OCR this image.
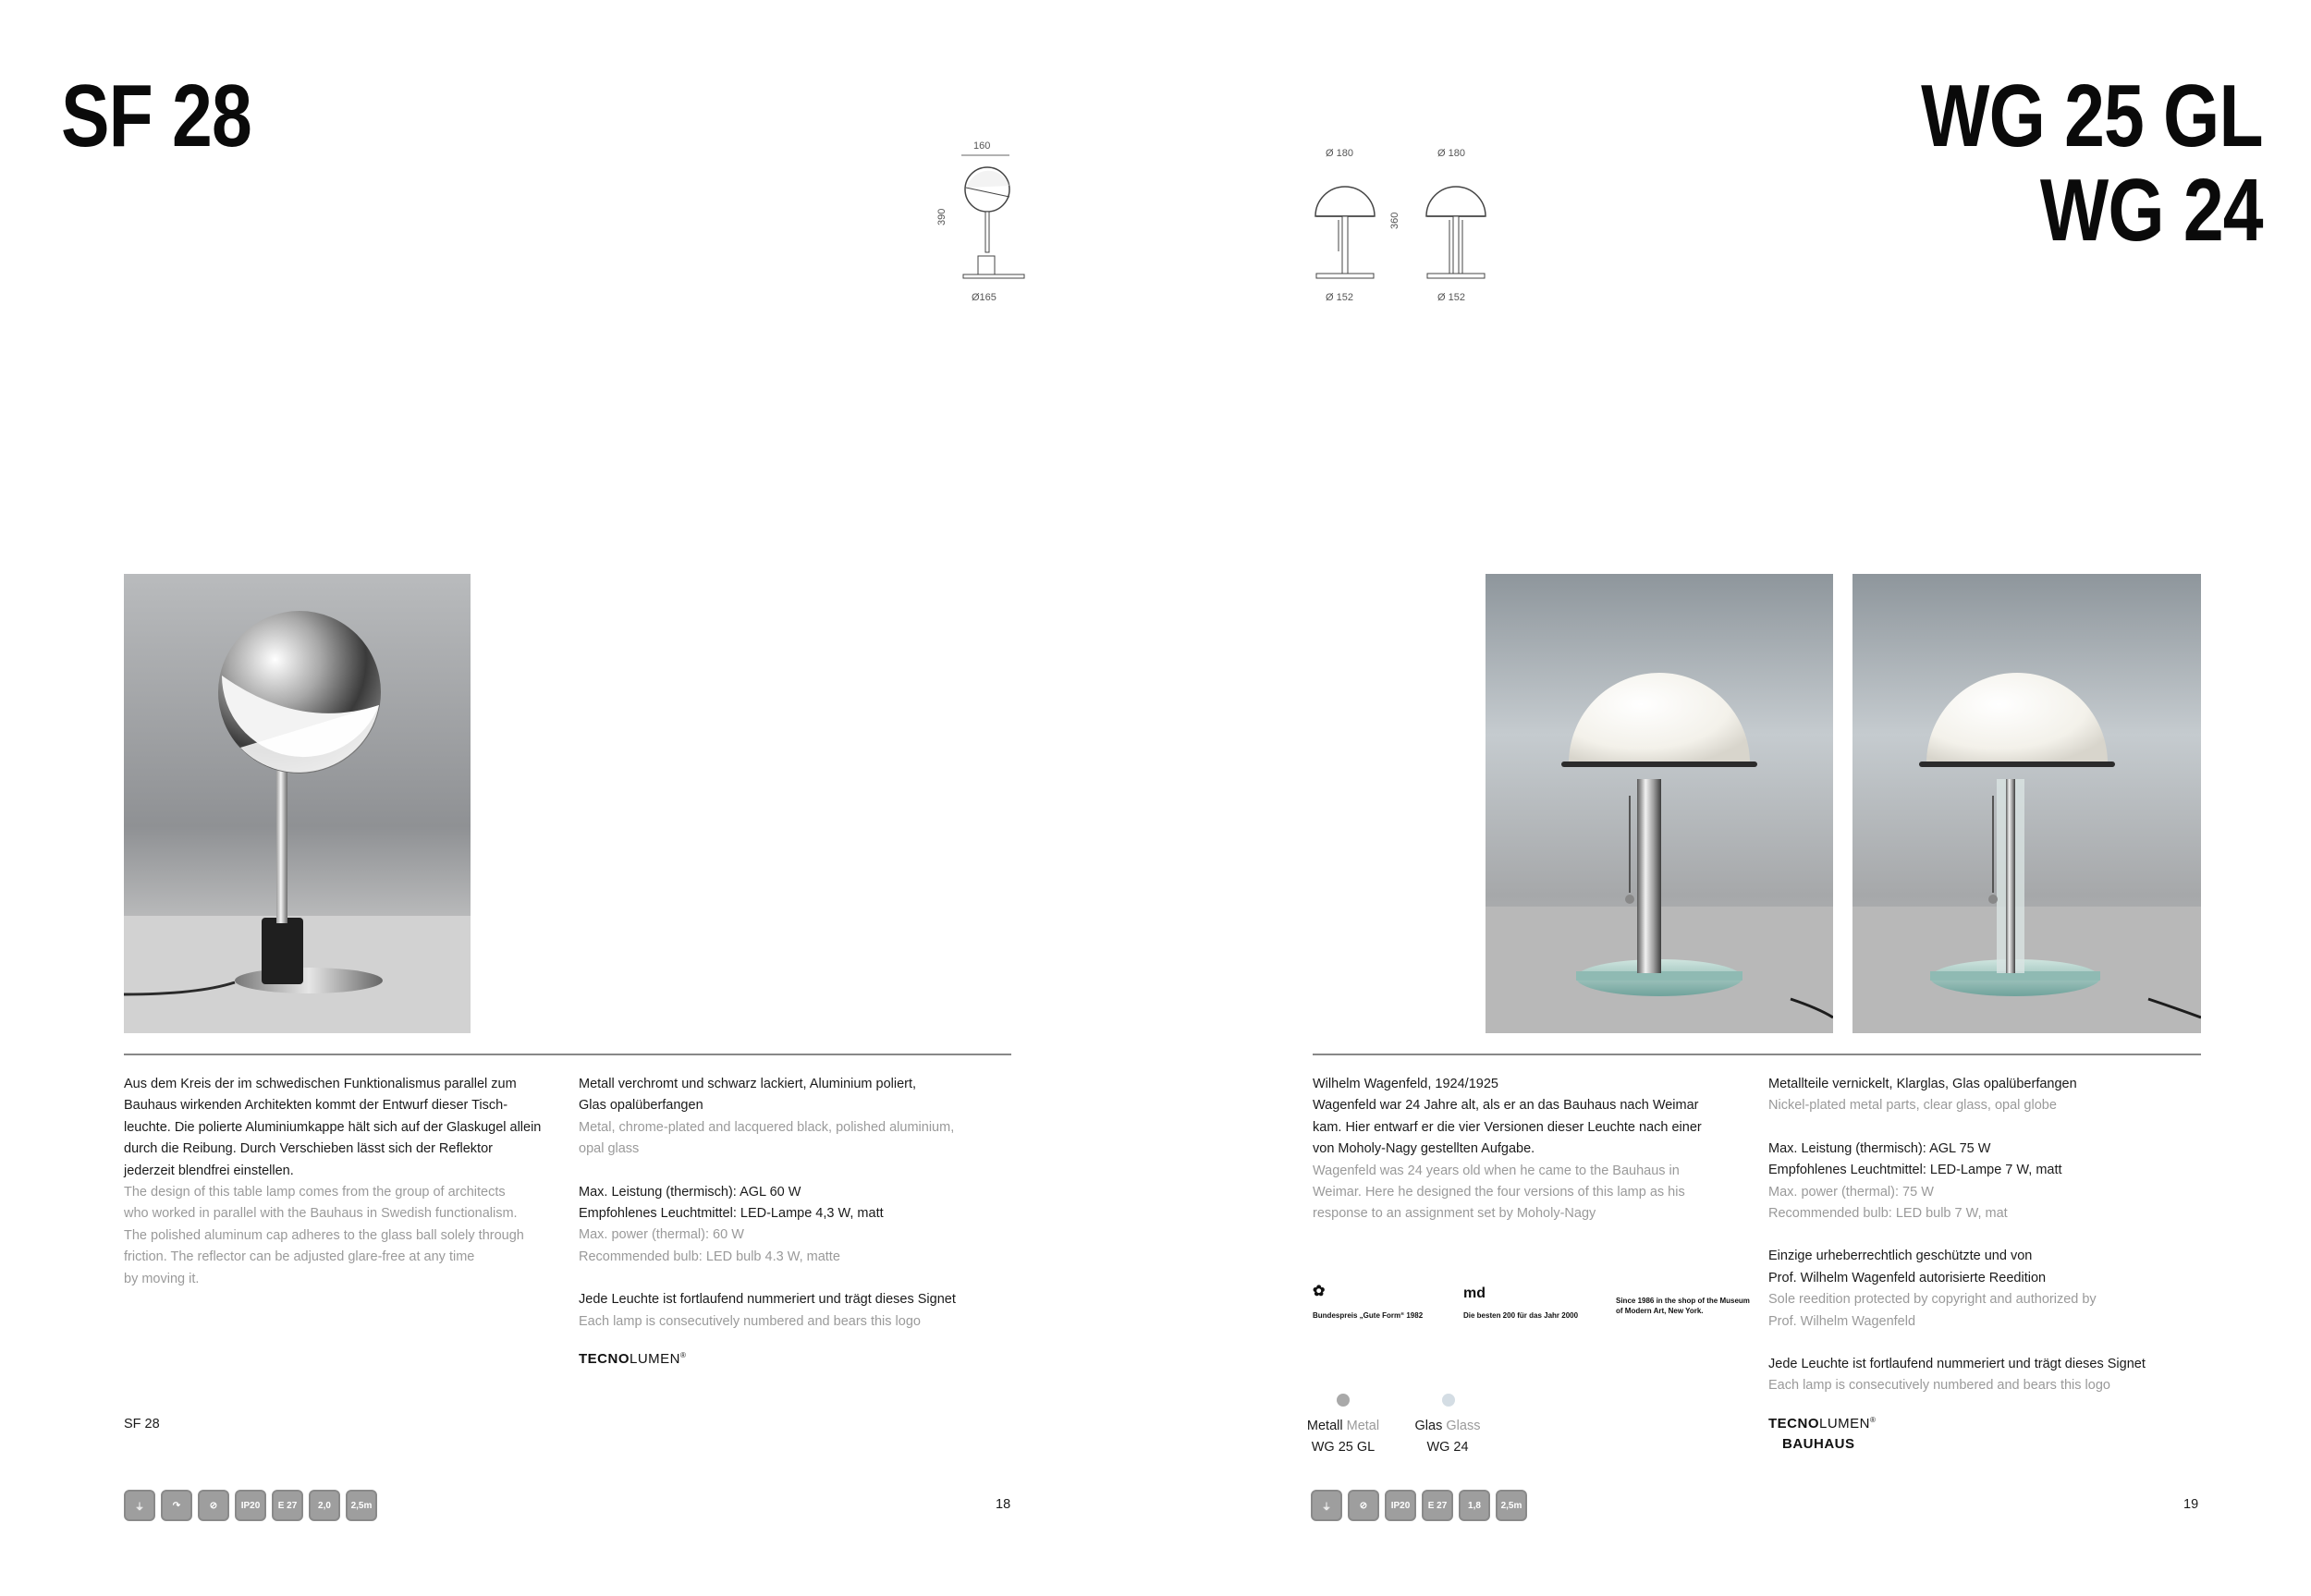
SF 28	160
390
Ø165
Aus dem Kreis der im schwedischen Funktionalismus parallel zum
Bauhaus wirkenden Architekten kommt der Entwurf dieser Tisch-
leuchte. Die polierte Aluminiumkappe hält sich auf der Glaskugel allein
durch die Reibung. Durch Verschieben lässt sich der Reflektor
jederzeit blendfrei einstellen.
The design of this table lamp comes from the group of architects
who worked in parallel with the Bauhaus in Swedish functionalism.
The polished aluminum cap adheres to the glass ball solely through
friction. The reflector can be adjusted glare-free at any time
by moving it.
Metall verchromt und schwarz lackiert, Aluminium poliert,
Glas opalüberfangen
Metal, chrome-plated and lacquered black, polished aluminium,
opal glass
Max. Leistung (thermisch): AGL 60 W
Empfohlenes Leuchtmittel: LED-Lampe 4,3 W, matt
Max. power (thermal): 60 W
Recommended bulb: LED bulb 4.3 W, matte
Jede Leuchte ist fortlaufend nummeriert und trägt dieses Signet
Each lamp is consecutively numbered and bears this logo
TECNOLUMEN®
SF 28
⏚	↷	⊘	IP20	E 27	2,0	2,5m	18
WG 25 GL
WG 24
Ø 180	Ø 180
360
Ø 152	Ø 152
Wilhelm Wagenfeld, 1924/1925
Wagenfeld war 24 Jahre alt, als er an das Bauhaus nach Weimar
kam. Hier entwarf er die vier Versionen dieser Leuchte nach einer
von Moholy-Nagy gestellten Aufgabe.
Wagenfeld was 24 years old when he came to the Bauhaus in
Weimar. Here he designed the four versions of this lamp as his
response to an assignment set by Moholy-Nagy
✿
Bundespreis „Gute Form“ 1982
md
Die besten 200 für das Jahr 2000
Since 1986 in the shop of the Museum of Modern Art, New York.
Metall Metal
WG 25 GL
Glas Glass
WG 24
Metallteile vernickelt, Klarglas, Glas opalüberfangen
Nickel-plated metal parts, clear glass, opal globe
Max. Leistung (thermisch): AGL 75 W
Empfohlenes Leuchtmittel: LED-Lampe 7 W, matt
Max. power (thermal): 75 W
Recommended bulb: LED bulb 7 W, mat
Einzige urheberrechtlich geschützte und von
Prof. Wilhelm Wagenfeld autorisierte Reedition
Sole reedition protected by copyright and authorized by
Prof. Wilhelm Wagenfeld
Jede Leuchte ist fortlaufend nummeriert und trägt dieses Signet
Each lamp is consecutively numbered and bears this logo
TECNOLUMEN®
BAUHAUS
⏚	⊘	IP20	E 27	1,8	2,5m	19
